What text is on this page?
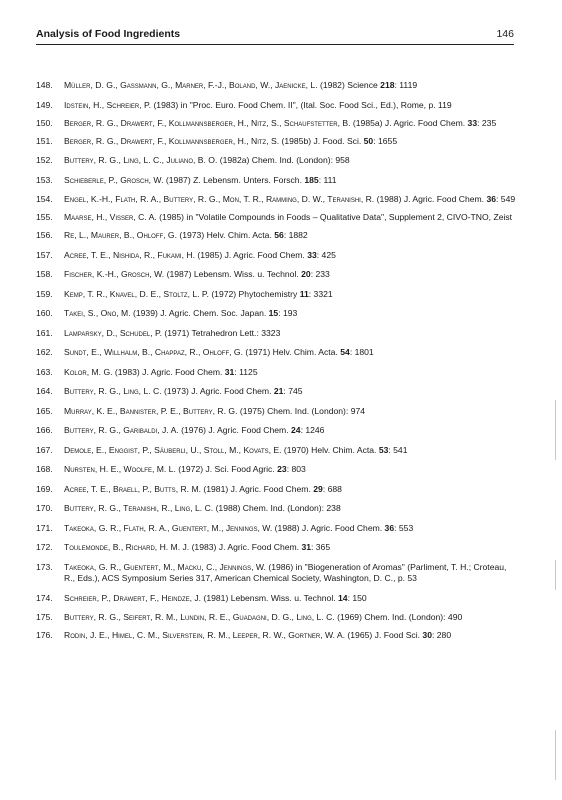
Analysis of Food Ingredients	146
148. Müller, D. G., Gassmann, G., Marner, F.-J., Boland, W., Jaenicke, L. (1982) Science 218: 1119
149. Idstein, H., Schreier, P. (1983) in "Proc. Euro. Food Chem. II", (Ital. Soc. Food Sci., Ed.), Rome, p. 119
150. Berger, R. G., Drawert, F., Kollmannsberger, H., Nitz, S., Schaufstetter, B. (1985a) J. Agric. Food Chem. 33: 235
151. Berger, R. G., Drawert, F., Kollmannsberger, H., Nitz, S. (1985b) J. Food. Sci. 50: 1655
152. Buttery, R. G., Ling, L. C., Juliano, B. O. (1982a) Chem. Ind. (London): 958
153. Schieberle, P., Grosch, W. (1987) Z. Lebensm. Unters. Forsch. 185: 111
154. Engel, K.-H., Flath, R. A., Buttery, R. G., Mon, T. R., Ramming, D. W., Teranishi, R. (1988) J. Agric. Food Chem. 36: 549
155. Maarse, H., Visser, C. A. (1985) in "Volatile Compounds in Foods – Qualitative Data", Supplement 2, CIVO-TNO, Zeist
156. Re, L., Maurer, B., Ohloff, G. (1973) Helv. Chim. Acta. 56: 1882
157. Acree, T. E., Nishida, R., Fukami, H. (1985) J. Agric. Food Chem. 33: 425
158. Fischer, K.-H., Grosch, W. (1987) Lebensm. Wiss. u. Technol. 20: 233
159. Kemp, T. R., Knavel, D. E., Stoltz, L. P. (1972) Phytochemistry 11: 3321
160. Takei, S., Ono, M. (1939) J. Agric. Chem. Soc. Japan. 15: 193
161. Lamparsky, D., Schudel, P. (1971) Tetrahedron Lett.: 3323
162. Sundt, E., Willhalm, B., Chappaz, R., Ohloff, G. (1971) Helv. Chim. Acta. 54: 1801
163. Kolor, M. G. (1983) J. Agric. Food Chem. 31: 1125
164. Buttery, R. G., Ling, L. C. (1973) J. Agric. Food Chem. 21: 745
165. Murray, K. E., Bannister, P. E., Buttery, R. G. (1975) Chem. Ind. (London): 974
166. Buttery, R. G., Garibaldi, J. A. (1976) J. Agric. Food Chem. 24: 1246
167. Demole, E., Enggist, P., Säuberli, U., Stoll, M., Kovats, E. (1970) Helv. Chim. Acta. 53: 541
168. Nursten, H. E., Woolfe, M. L. (1972) J. Sci. Food Agric. 23: 803
169. Acree, T. E., Braell, P., Butts, R. M. (1981) J. Agric. Food Chem. 29: 688
170. Buttery, R. G., Teranishi, R., Ling, L. C. (1988) Chem. Ind. (London): 238
171. Takeoka, G. R., Flath, R. A., Guentert, M., Jennings, W. (1988) J. Agric. Food Chem. 36: 553
172. Toulemonde, B., Richard, H. M. J. (1983) J. Agric. Food Chem. 31: 365
173. Takeoka, G. R., Guentert, M., Macku, C., Jennings, W. (1986) in "Biogeneration of Aromas" (Parliment, T. H.; Croteau, R., Eds.), ACS Symposium Series 317, American Chemical Society, Washington, D. C., p. 53
174. Schreier, P., Drawert, F., Heindze, J. (1981) Lebensm. Wiss. u. Technol. 14: 150
175. Buttery, R. G., Seifert, R. M., Lundin, R. E., Guadagni, D. G., Ling, L. C. (1969) Chem. Ind. (London): 490
176. Rodin, J. E., Himel, C. M., Silverstein, R. M., Leeper, R. W., Gortner, W. A. (1965) J. Food Sci. 30: 280
